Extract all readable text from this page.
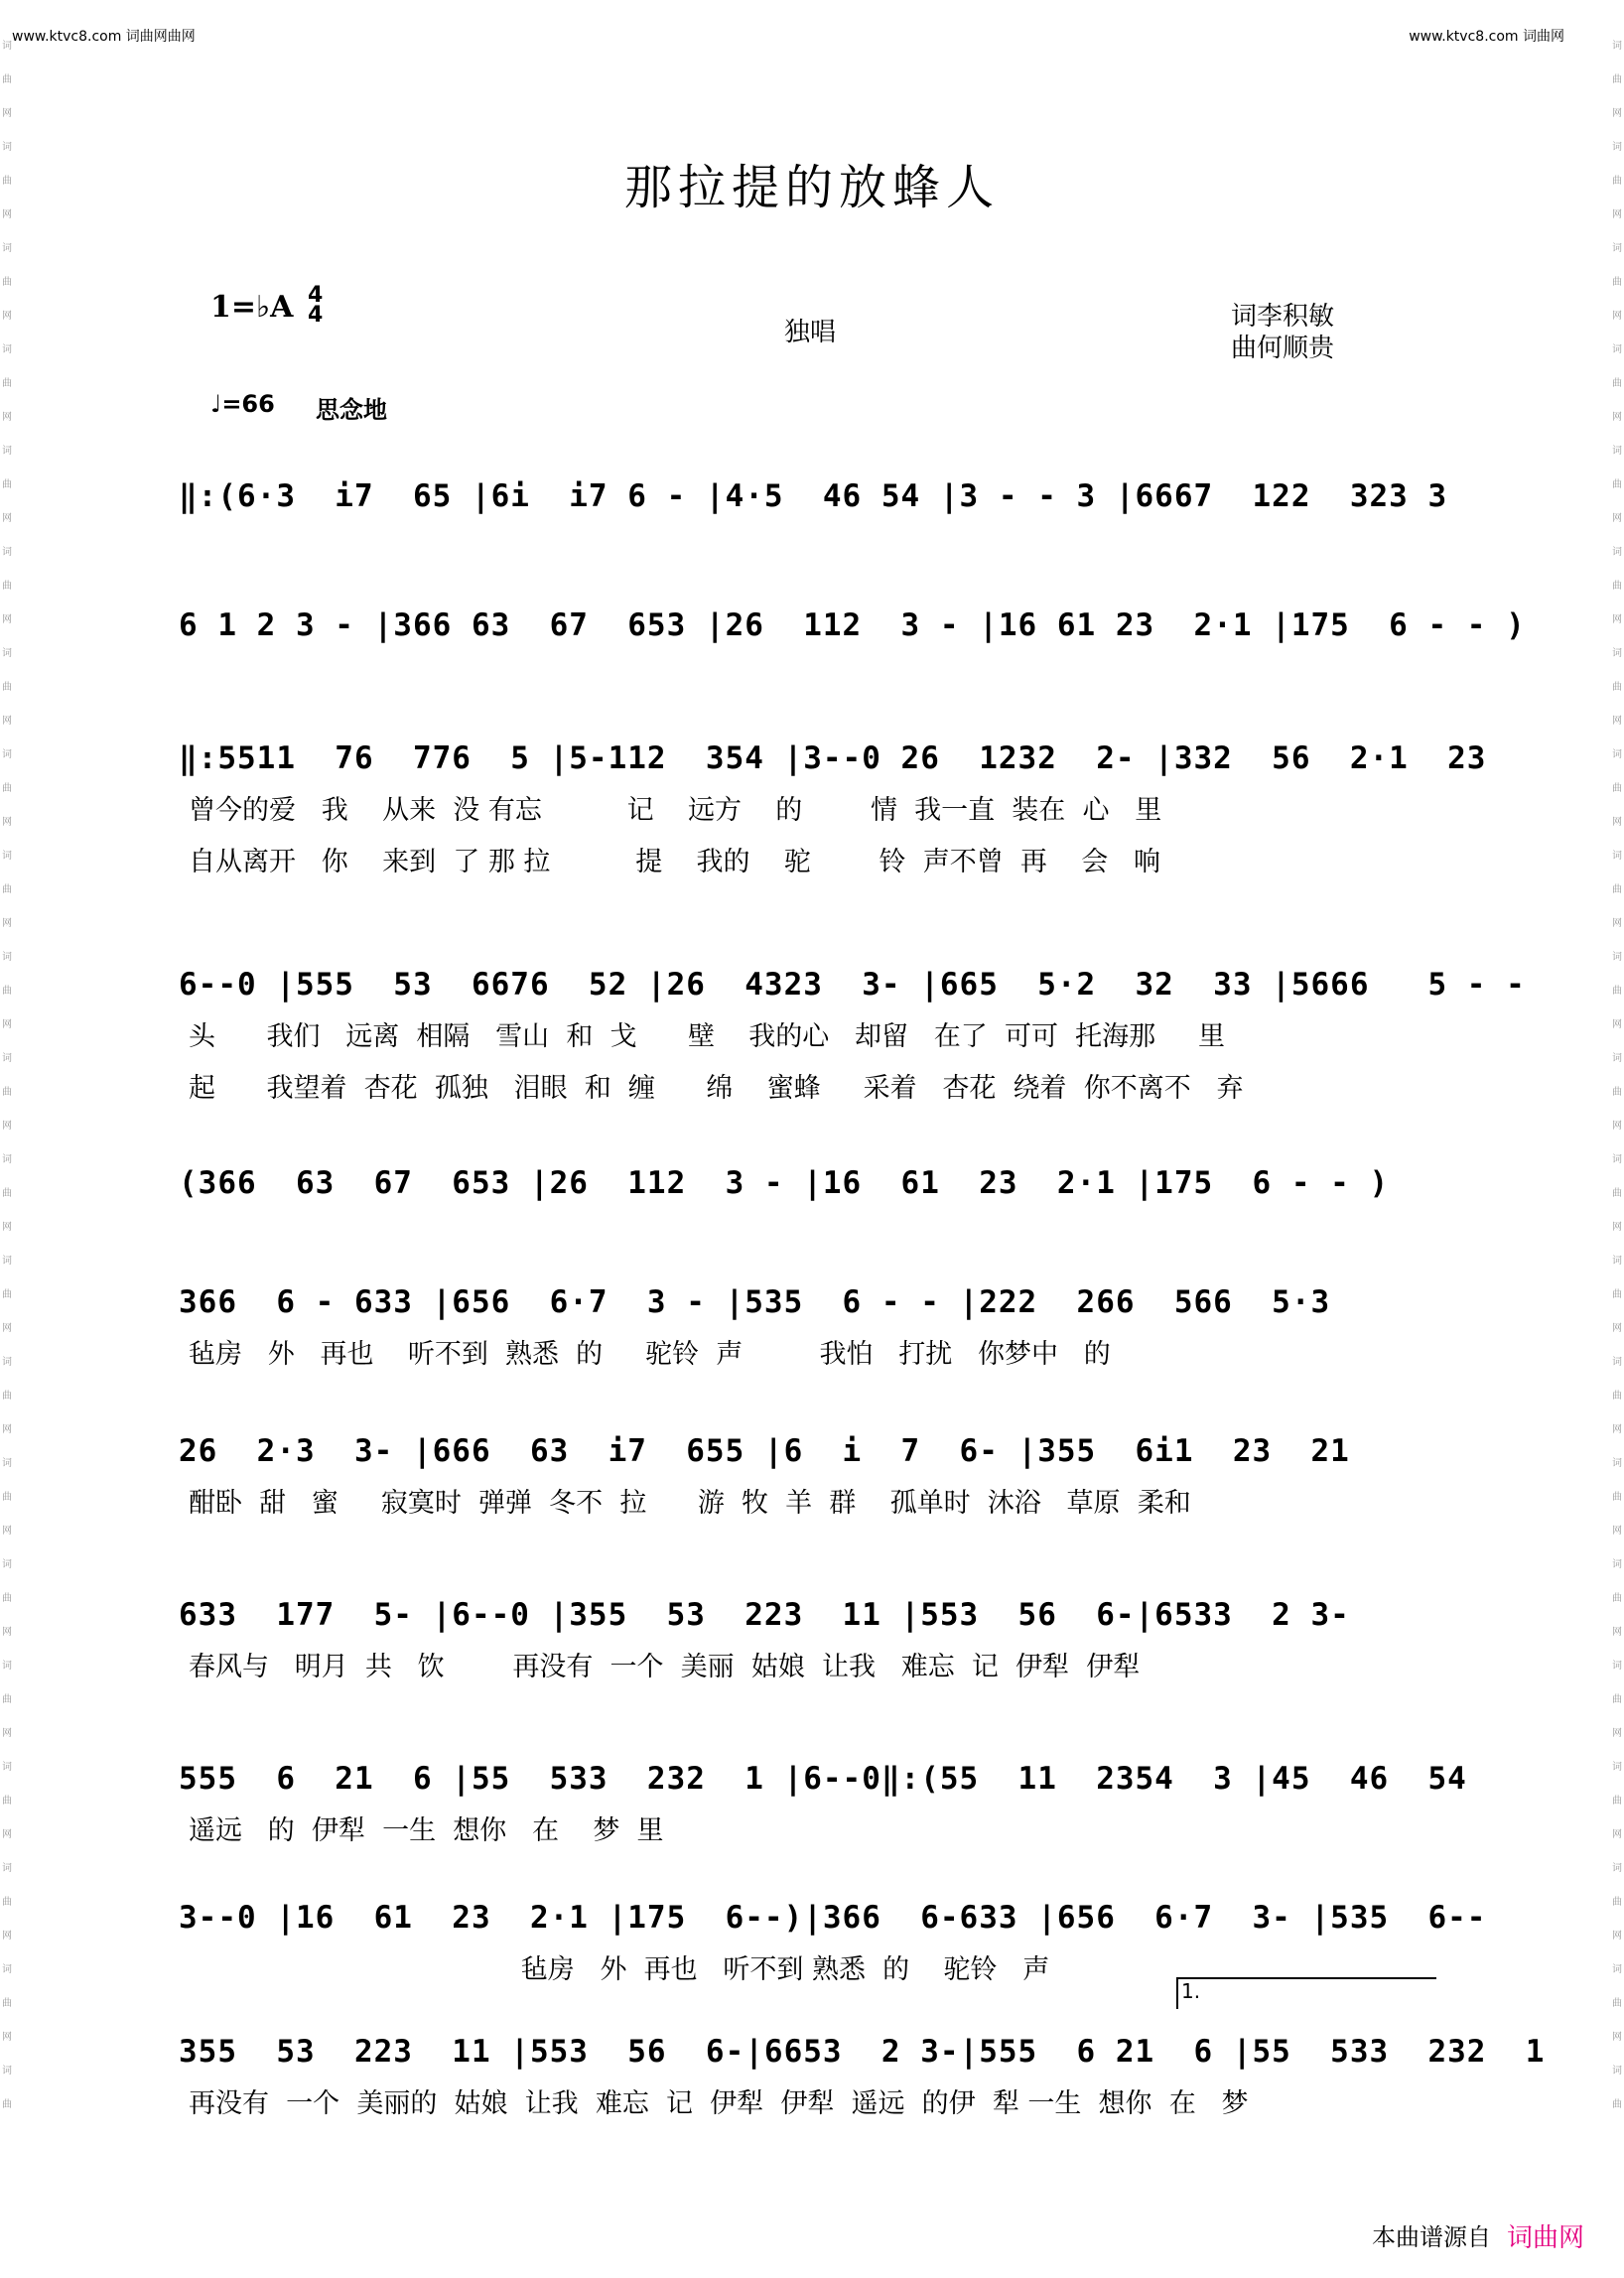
www.ktvc8.com 词曲网曲网	www.ktvc8.com 词曲网
词
曲
网
词
曲
网
词
曲
网
词
曲
网
词
曲
网
词
曲
网
词
曲
网
词
曲
网
词
曲
网
词
曲
网
词
曲
网
词
曲
网
词
曲
网
词
曲
网
词
曲
网
词
曲
网
词
曲
网
词
曲
网
词
曲
网
词
曲
网
词
曲
词
曲
网
词
曲
网
词
曲
网
词
曲
网
词
曲
网
词
曲
网
词
曲
网
词
曲
网
词
曲
网
词
曲
网
词
曲
网
词
曲
网
词
曲
网
词
曲
网
词
曲
网
词
曲
网
词
曲
网
词
曲
网
词
曲
网
词
曲
网
词
曲
那拉提的放蜂人
1=♭A 4
4
独唱
词李积敏
曲何顺贵
♩=66 思念地
‖:(6·3  i7  65 |6i  i7 6 - |4·5  46 54 |3 - - 3 |6667  122  323 3
6 1 2 3 - |366 63  67  653 |26  112  3 - |16 61 23  2·1 |175  6 - - )
‖:5511  76  776  5 |5-112  354 |3--0 26  1232  2- |332  56  2·1  23
曾今的爱   我    从来  没 有忘          记    远方    的        情  我一直  装在  心   里
自从离开   你    来到  了 那 拉          提    我的    驼        铃  声不曾  再    会   响
6--0 |555  53  6676  52 |26  4323  3- |665  5·2  32  33 |5666   5 - -
头      我们   远离  相隔   雪山  和  戈      壁    我的心   却留   在了  可可  托海那     里
起      我望着  杏花  孤独   泪眼  和  缠      绵    蜜蜂     采着   杏花  绕着  你不离不   弃
(366  63  67  653 |26  112  3 - |16  61  23  2·1 |175  6 - - )
366  6 - 633 |656  6·7  3 - |535  6 - - |222  266  566  5·3
毡房   外   再也    听不到  熟悉  的     驼铃  声         我怕   打扰   你梦中   的
26  2·3  3- |666  63  i7  655 |6  i  7  6- |355  6i1  23  21
酣卧  甜   蜜     寂寞时  弹弹  冬不  拉      游  牧  羊  群    孤单时  沐浴   草原  柔和
633  177  5- |6--0 |355  53  223  11 |553  56  6-|6533  2 3-
春风与   明月  共   饮        再没有  一个  美丽  姑娘  让我   难忘  记  伊犁  伊犁
555  6  21  6 |55  533  232  1 |6--0‖:(55  11  2354  3 |45  46  54
遥远   的  伊犁  一生  想你   在    梦  里
3--0 |16  61  23  2·1 |175  6--)|366  6-633 |656  6·7  3- |535  6--
毡房   外  再也   听不到 熟悉  的    驼铃   声
355  53  223  11 |553  56  6-|6653  2 3-|555  6 21  6 |55  533  232  1
再没有  一个  美丽的  姑娘  让我  难忘  记  伊犁  伊犁  遥远  的伊  犁 一生  想你  在   梦
1.
本曲谱源自 词曲网
